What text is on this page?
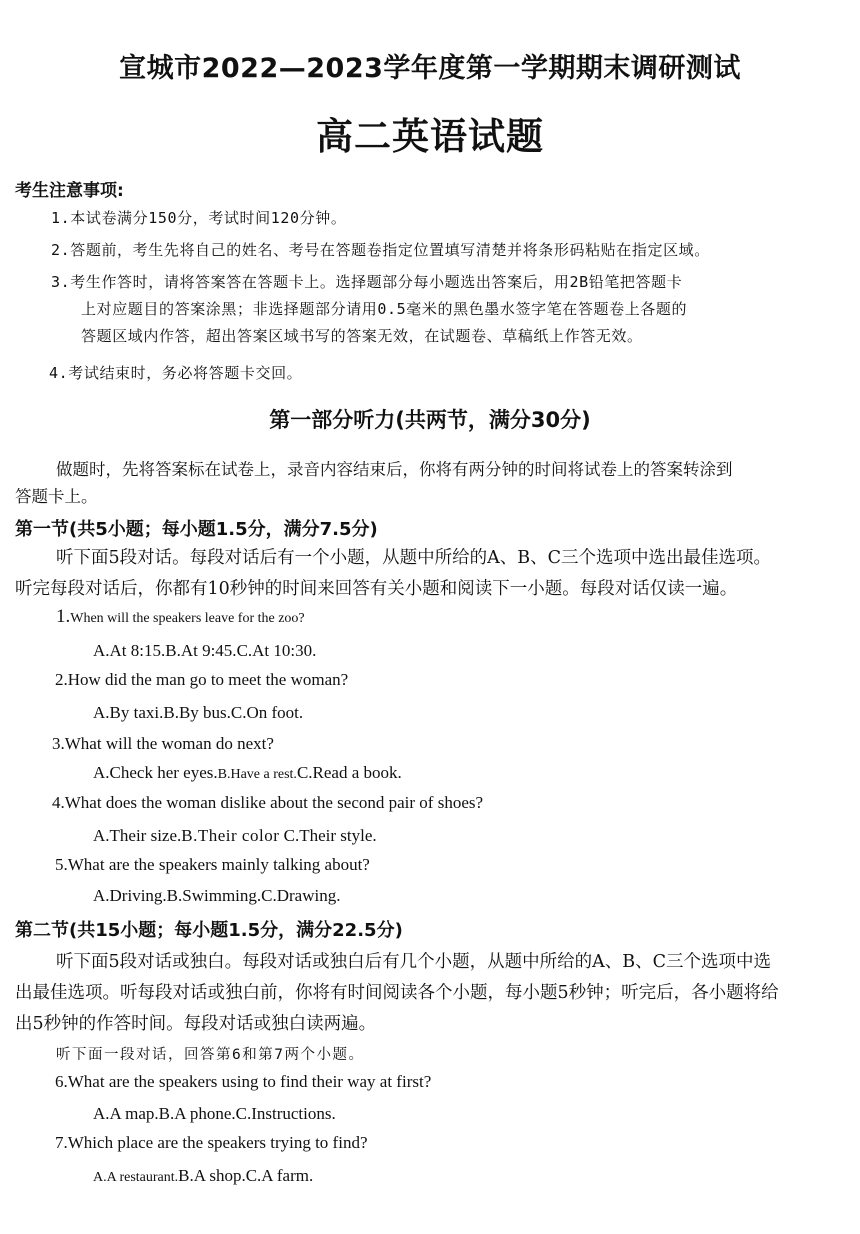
宣城市2022—2023学年度第一学期期末调研测试
高二英语试题
考生注意事项:
1.本试卷满分150分，考试时间120分钟。
2.答题前，考生先将自己的姓名、考号在答题卷指定位置填写清楚并将条形码粘贴在指定区域。
3.考生作答时，请将答案答在答题卡上。选择题部分每小题选出答案后，用2B铅笔把答题卡
上对应题目的答案涂黑；非选择题部分请用0.5毫米的黑色墨水签字笔在答题卷上各题的
答题区域内作答，超出答案区域书写的答案无效，在试题卷、草稿纸上作答无效。
4.考试结束时，务必将答题卡交回。
第一部分听力(共两节，满分30分)
做题时，先将答案标在试卷上，录音内容结束后，你将有两分钟的时间将试卷上的答案转涂到
答题卡上。
第一节(共5小题；每小题1.5分，满分7.5分)
听下面5段对话。每段对话后有一个小题，从题中所给的A、B、C三个选项中选出最佳选项。
听完每段对话后，你都有10秒钟的时间来回答有关小题和阅读下一小题。每段对话仅读一遍。
1.When will the speakers leave for the zoo?
A.At 8:15.B.At 9:45.C.At 10:30.
2.How did the man go to meet the woman?
A.By taxi.B.By bus.C.On foot.
3.What will the woman do next?
A.Check her eyes.B.Have a rest.C.Read a book.
4.What does the woman dislike about the second pair of shoes?
A.Their size.B.Their color C.Their style.
5.What are the speakers mainly talking about?
A.Driving.B.Swimming.C.Drawing.
第二节(共15小题；每小题1.5分，满分22.5分)
听下面5段对话或独白。每段对话或独白后有几个小题，从题中所给的A、B、C三个选项中选
出最佳选项。听每段对话或独白前，你将有时间阅读各个小题，每小题5秒钟；听完后，各小题将给
出5秒钟的作答时间。每段对话或独白读两遍。
听下面一段对话，回答第6和第7两个小题。
6.What are the speakers using to find their way at first?
A.A map.B.A phone.C.Instructions.
7.Which place are the speakers trying to find?
A.A restaurant.B.A shop.C.A farm.
